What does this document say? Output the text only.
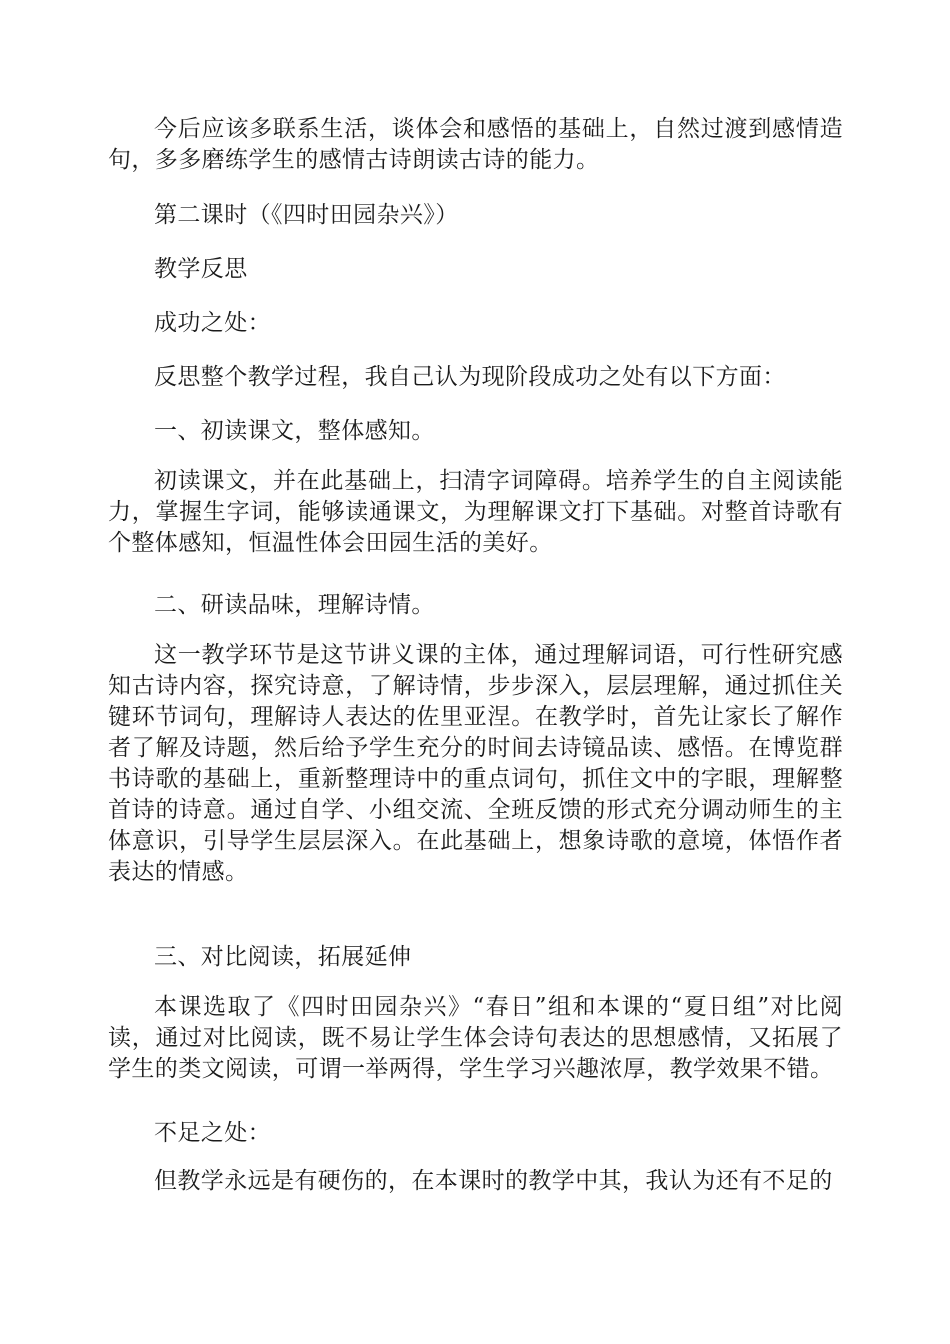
今后应该多联系生活，谈体会和感悟的基础上，自然过渡到感情造句，多多磨练学生的感情古诗朗读古诗的能力。

第二课时（《四时田园杂兴》）

教学反思

成功之处：

反思整个教学过程，我自己认为现阶段成功之处有以下方面：

一、初读课文，整体感知。

初读课文，并在此基础上，扫清字词障碍。培养学生的自主阅读能力，掌握生字词，能够读通课文，为理解课文打下基础。对整首诗歌有个整体感知，恒温性体会田园生活的美好。

二、研读品味，理解诗情。

这一教学环节是这节讲义课的主体，通过理解词语，可行性研究感知古诗内容，探究诗意，了解诗情，步步深入，层层理解，通过抓住关键环节词句，理解诗人表达的佐里亚涅。在教学时，首先让家长了解作者了解及诗题，然后给予学生充分的时间去诗镜品读、感悟。在博览群书诗歌的基础上，重新整理诗中的重点词句，抓住文中的字眼，理解整首诗的诗意。通过自学、小组交流、全班反馈的形式充分调动师生的主体意识，引导学生层层深入。在此基础上，想象诗歌的意境，体悟作者表达的情感。

三、对比阅读，拓展延伸

本课选取了《四时田园杂兴》“春日”组和本课的“夏日组”对比阅读，通过对比阅读，既不易让学生体会诗句表达的思想感情，又拓展了学生的类文阅读，可谓一举两得，学生学习兴趣浓厚，教学效果不错。

不足之处：

但教学永远是有硬伤的，在本课时的教学中其，我认为还有不足的
